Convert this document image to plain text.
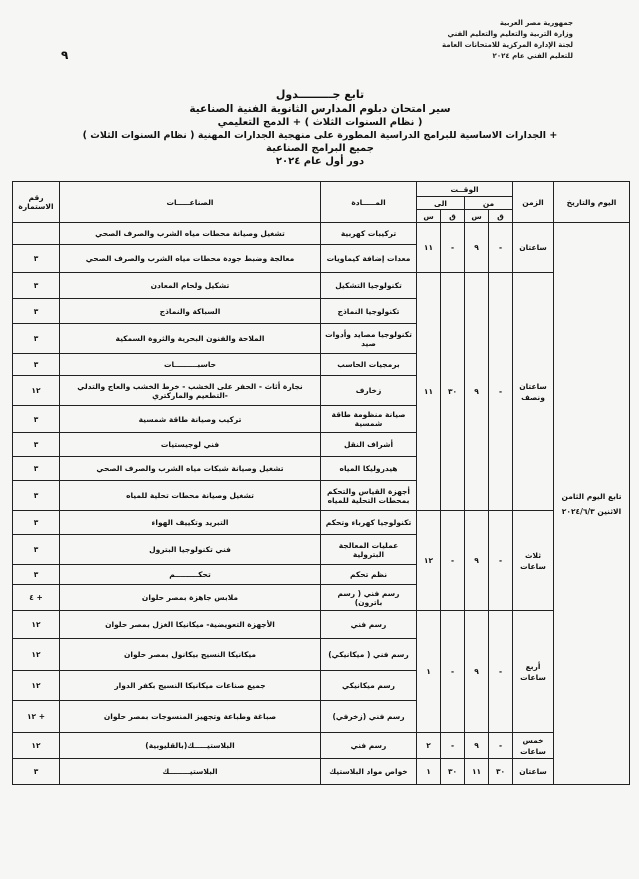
جمهورية مصر العربية
وزارة التربية والتعليم والتعليم الفني
لجنة الإدارة المركزية للامتحانات العامة
للتعليم الفني عام ٢٠٢٤
٩
تابع جـــــــــدول
سير امتحان دبلوم المدارس الثانوية الفنية الصناعية
( نظام السنوات الثلاث ) + الدمج التعليمي
+ الجدارات الاساسية للبرامج الدراسية المطورة على منهجية الجدارات المهنية ( نظام السنوات الثلاث )
جميع البرامج الصناعية
دور أول عام ٢٠٢٤
اليوم والتاريخ	الزمن	الوقــت				المـــــادة	الصناعـــــات	رقم الاستمارة
		من		الى				
		ق	س	ق	س			
تابع اليوم الثامن الاثنين ٢٠٢٤/٦/٣	ساعتان	-	٩	-	١١	تركيبات كهربية	تشغيل وصيانة محطات مياه الشرب والصرف الصحي	
						معدات إضافة كيماويات	معالجة وضبط جودة محطات مياه الشرب والصرف الصحي	٣
	ساعتان ونصف	-	٩	٣٠	١١	تكنولوجيا التشكيل	تشكيل ولحام المعادن	٣
						تكنولوجيا النماذج	السباكة والنماذج	٣
						تكنولوجيا مصايد وأدوات صيد	الملاحة والفنون البحرية والثروة السمكية	٣
						برمجيات الحاسب	حاسبـــــــــات	٣
						زخارف	نجارة أثاث - الحفر على الخشب - خرط الخشب والعاج والتدلي -التطعيم والماركتري	١٢
						صيانة منظومة طاقة شمسية	تركيب وصيانة طاقة شمسية	٣
						أشراف النقل	فني لوجيستيات	٣
						هيدروليكا المياه	تشغيل وصيانة شبكات مياه الشرب والصرف الصحي	٣
						أجهزة القياس والتحكم بمحطات التحلية للمياه	تشغيل وصيانة محطات تحلية للمياه	٣
	ثلاث ساعات	-	٩	-	١٢	تكنولوجيا كهرباء وتحكم	التبريد وتكييف الهواء	٣
						عمليات المعالجة البترولية	فني تكنولوجيا البترول	٣
						نظم تحكم	تحكـــــــــم	٣
						رسم فني ( رسم باترون)	ملابس جاهزة بمصر حلوان	٤ +
	أربع ساعات	-	٩	-	١	رسم فني	الأجهزة التعويضية- ميكانيكا الغزل بمصر حلوان	١٢
						رسم فني ( ميكانيكي)	ميكانيكا النسيج بيكانول بمصر حلوان	١٢
						رسم ميكانيكي	جميع صناعات ميكانيكا النسيج بكفر الدوار	١٢
						رسم فني (زخرفي)	صباغة وطباعة وتجهيز المنسوجات بمصر حلوان	١٢ +
	خمس ساعات	-	٩	-	٢	رسم فني	البلاستيـــــك(بالقليوبية)	١٢
	ساعتان	٣٠	١١	٣٠	١	خواص مواد البلاستيك	البلاستيــــــــك	٣
